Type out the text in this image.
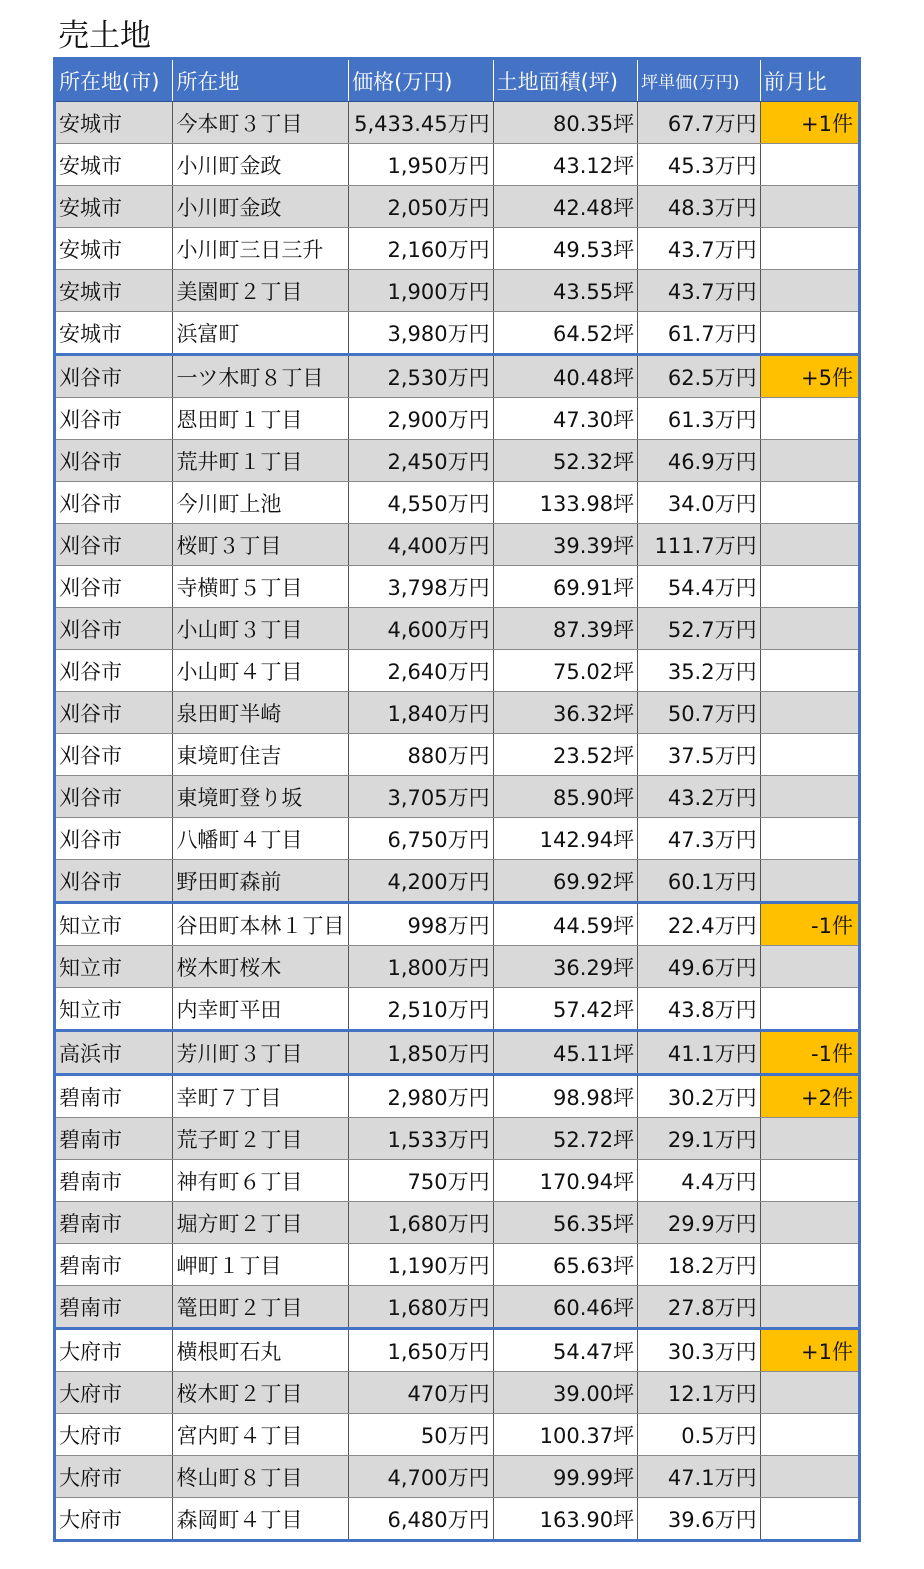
売土地
所在地(市)	所在地	価格(万円)	土地面積(坪)	坪単価(万円)	前月比
安城市	今本町３丁目	5,433.45万円	80.35坪	67.7万円	+1件
安城市	小川町金政	1,950万円	43.12坪	45.3万円	
安城市	小川町金政	2,050万円	42.48坪	48.3万円	
安城市	小川町三日三升	2,160万円	49.53坪	43.7万円	
安城市	美園町２丁目	1,900万円	43.55坪	43.7万円	
安城市	浜富町	3,980万円	64.52坪	61.7万円	
刈谷市	一ツ木町８丁目	2,530万円	40.48坪	62.5万円	+5件
刈谷市	恩田町１丁目	2,900万円	47.30坪	61.3万円	
刈谷市	荒井町１丁目	2,450万円	52.32坪	46.9万円	
刈谷市	今川町上池	4,550万円	133.98坪	34.0万円	
刈谷市	桜町３丁目	4,400万円	39.39坪	111.7万円	
刈谷市	寺横町５丁目	3,798万円	69.91坪	54.4万円	
刈谷市	小山町３丁目	4,600万円	87.39坪	52.7万円	
刈谷市	小山町４丁目	2,640万円	75.02坪	35.2万円	
刈谷市	泉田町半崎	1,840万円	36.32坪	50.7万円	
刈谷市	東境町住吉	880万円	23.52坪	37.5万円	
刈谷市	東境町登り坂	3,705万円	85.90坪	43.2万円	
刈谷市	八幡町４丁目	6,750万円	142.94坪	47.3万円	
刈谷市	野田町森前	4,200万円	69.92坪	60.1万円	
知立市	谷田町本林１丁目	998万円	44.59坪	22.4万円	-1件
知立市	桜木町桜木	1,800万円	36.29坪	49.6万円	
知立市	内幸町平田	2,510万円	57.42坪	43.8万円	
高浜市	芳川町３丁目	1,850万円	45.11坪	41.1万円	-1件
碧南市	幸町７丁目	2,980万円	98.98坪	30.2万円	+2件
碧南市	荒子町２丁目	1,533万円	52.72坪	29.1万円	
碧南市	神有町６丁目	750万円	170.94坪	4.4万円	
碧南市	堀方町２丁目	1,680万円	56.35坪	29.9万円	
碧南市	岬町１丁目	1,190万円	65.63坪	18.2万円	
碧南市	篭田町２丁目	1,680万円	60.46坪	27.8万円	
大府市	横根町石丸	1,650万円	54.47坪	30.3万円	+1件
大府市	桜木町２丁目	470万円	39.00坪	12.1万円	
大府市	宮内町４丁目	50万円	100.37坪	0.5万円	
大府市	柊山町８丁目	4,700万円	99.99坪	47.1万円	
大府市	森岡町４丁目	6,480万円	163.90坪	39.6万円	
